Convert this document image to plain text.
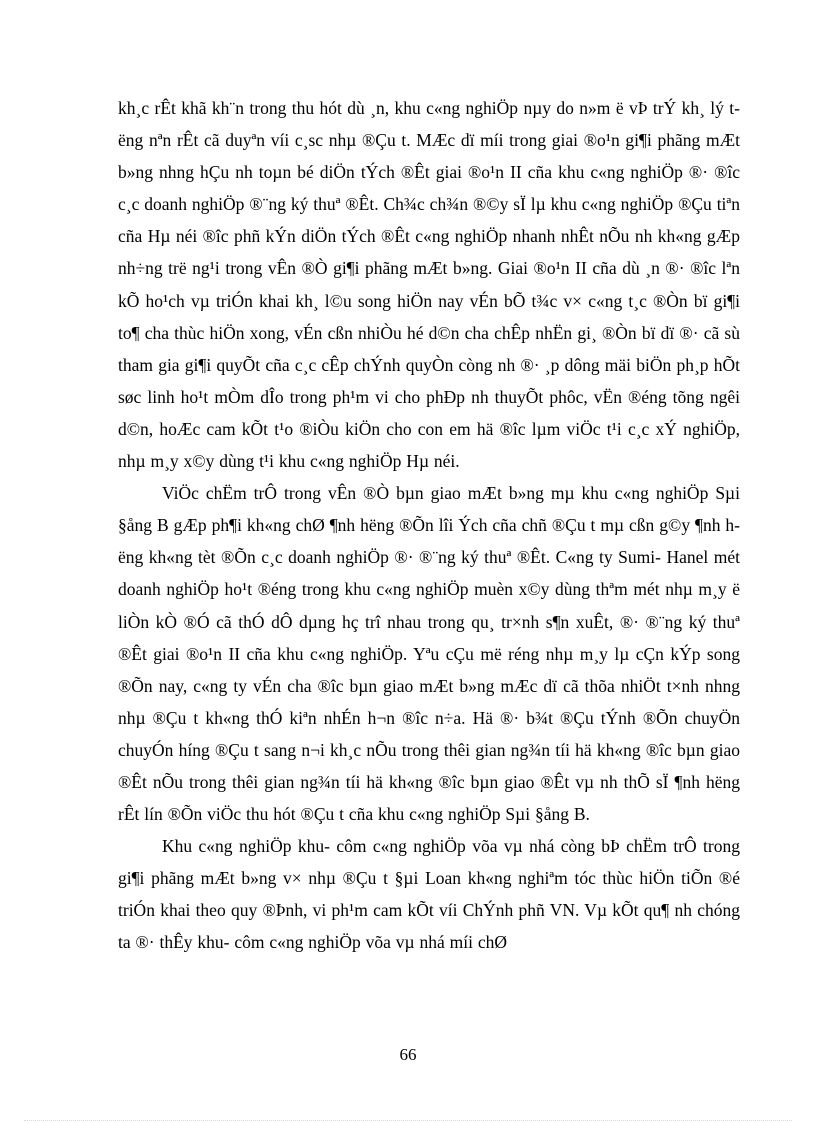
kh¸c rÊt khã kh¨n trong thu hót dù ¸n, khu c«ng nghiÖp nµy do n»m ë vÞ trÝ kh¸ lý tëng nªn rÊt cã duyªn víi c¸sc nhµ ®Çu t. MÆc dï míi trong giai ®o¹n gi¶i phãng mÆt b»ng nhng hÇu nh toµn bé diÖn tÝch ®Êt giai ®o¹n II cña khu c«ng nghiÖp ®· ®îc c¸c doanh nghiÖp ®¨ng ký thuª ®Êt. Ch¾c ch¾n ®©y sÏ lµ khu c«ng nghiÖp ®Çu tiªn cña Hµ néi ®îc phñ kÝn diÖn tÝch ®Êt c«ng nghiÖp nhanh nhÊt nÕu nh kh«ng gÆp nh÷ng trë ng¹i trong vÊn ®Ò gi¶i phãng mÆt b»ng. Giai ®o¹n II cña dù ¸n ®· ®îc lªn kÕ ho¹ch vµ triÓn khai kh¸ l©u song hiÖn nay vÉn bÕ t¾c v× c«ng t¸c ®Òn bï gi¶i to¶ cha thùc hiÖn xong, vÉn cßn nhiÒu hé d©n cha chÊp nhËn gi¸ ®Òn bï dï ®· cã sù tham gia gi¶i quyÕt cña c¸c cÊp chÝnh quyÒn còng nh ®· ¸p dông mäi biÖn ph¸p hÕt søc linh ho¹t mÒm dÎo trong ph¹m vi cho phÐp nh thuyÕt phôc, vËn ®éng tõng ngêi d©n, hoÆc cam kÕt t¹o ®iÒu kiÖn cho con em hä ®îc lµm viÖc t¹i c¸c xÝ nghiÖp, nhµ m¸y x©y dùng t¹i khu c«ng nghiÖp Hµ néi.

ViÖc chËm trÔ trong vÊn ®Ò bµn giao mÆt b»ng mµ khu c«ng nghiÖp Sµi §ång B gÆp ph¶i kh«ng chØ ¶nh hëng ®Õn lîi Ých cña chñ ®Çu t mµ cßn g©y ¶nh hëng kh«ng tèt ®Õn c¸c doanh nghiÖp ®· ®¨ng ký thuª ®Êt. C«ng ty Sumi- Hanel mét doanh nghiÖp ho¹t ®éng trong khu c«ng nghiÖp muèn x©y dùng thªm mét nhµ m¸y ë liÒn kÒ ®Ó cã thÓ dÔ dµng hç trî nhau trong qu¸ tr×nh s¶n xuÊt, ®· ®¨ng ký thuª ®Êt giai ®o¹n II cña khu c«ng nghiÖp. Yªu cÇu më réng nhµ m¸y lµ cÇn kÝp song ®Õn nay, c«ng ty vÉn cha ®îc bµn giao mÆt b»ng mÆc dï cã thõa nhiÖt t×nh nhng nhµ ®Çu t kh«ng thÓ kiªn nhÉn h¬n ®îc n÷a. Hä ®· b¾t ®Çu tÝnh ®Õn chuyÖn chuyÓn híng ®Çu t sang n¬i kh¸c nÕu trong thêi gian ng¾n tíi hä kh«ng ®îc bµn giao ®Êt nÕu trong thêi gian ng¾n tíi hä kh«ng ®îc bµn giao ®Êt vµ nh thÕ sÏ ¶nh hëng rÊt lín ®Õn viÖc thu hót ®Çu t cña khu c«ng nghiÖp Sµi §ång B.

Khu c«ng nghiÖp khu- côm c«ng nghiÖp võa vµ nhá còng bÞ chËm trÔ trong gi¶i phãng mÆt b»ng v× nhµ ®Çu t §µi Loan kh«ng nghiªm tóc thùc hiÖn tiÕn ®é triÓn khai theo quy ®Þnh, vi ph¹m cam kÕt víi ChÝnh phñ VN. Vµ kÕt qu¶ nh chóng ta ®· thÊy khu- côm c«ng nghiÖp võa vµ nhá míi chØ

66
